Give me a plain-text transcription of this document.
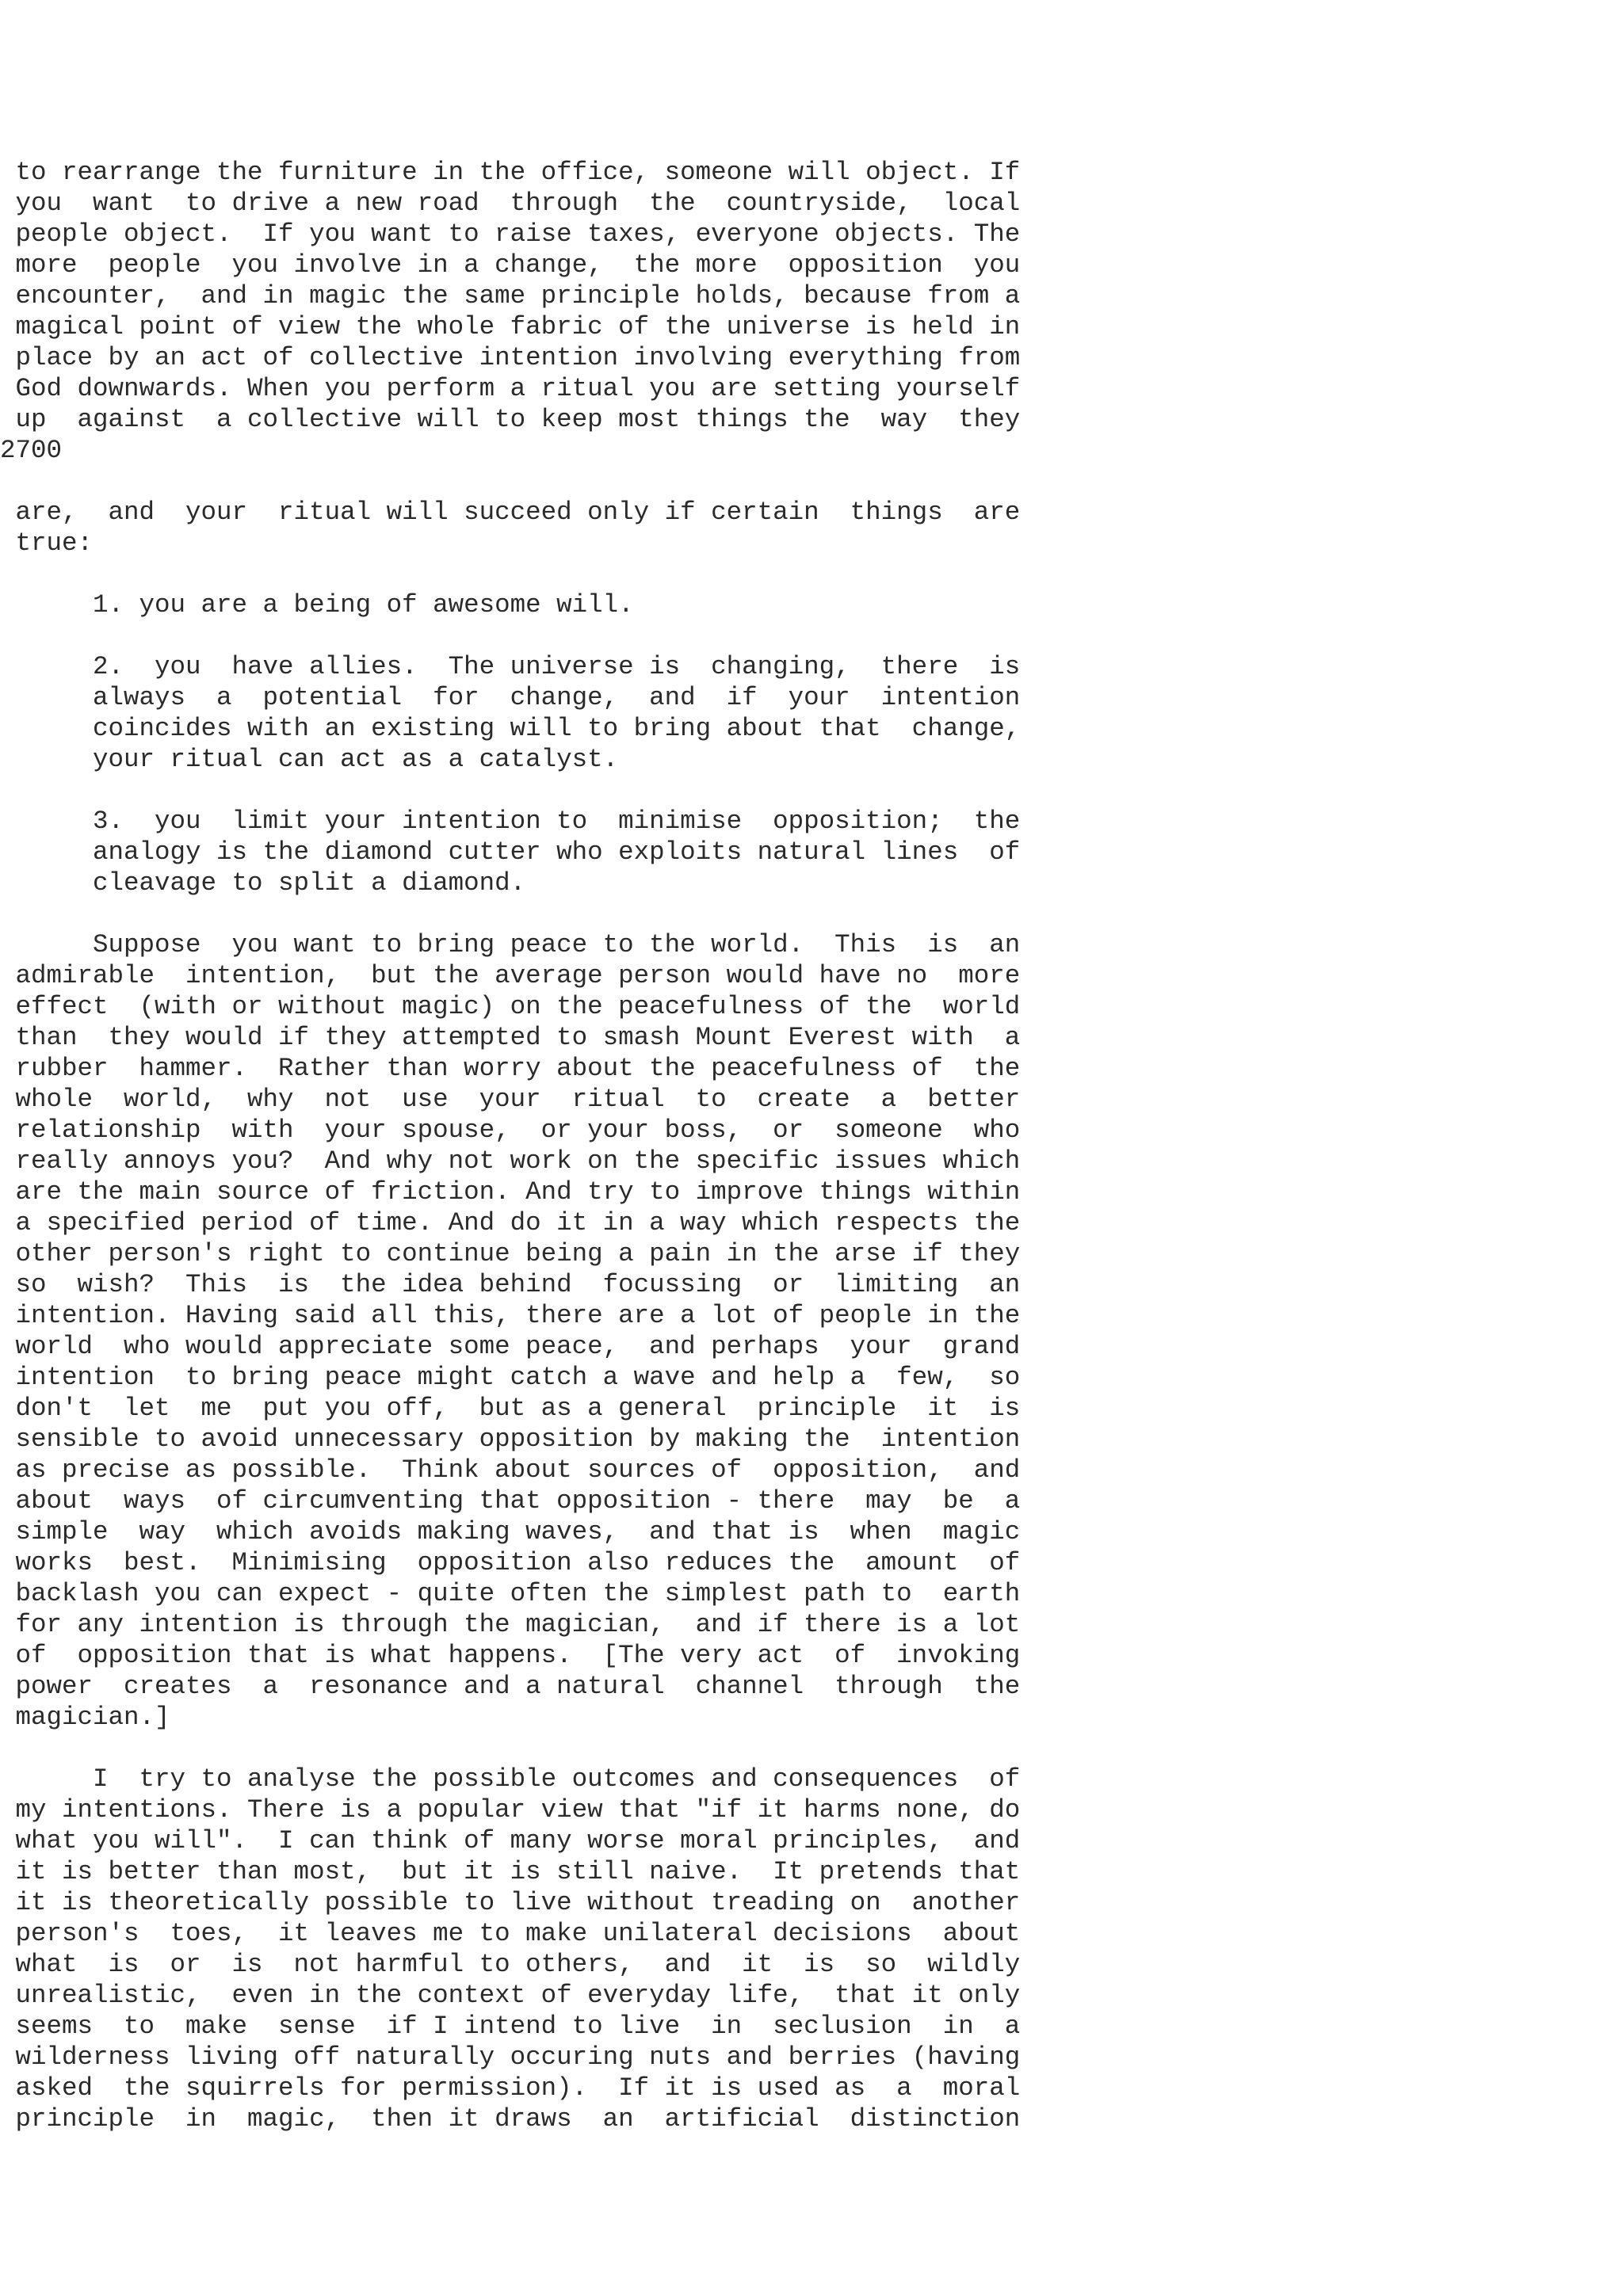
to rearrange the furniture in the office, someone will object. If
you  want  to drive a new road  through  the  countryside,  local
people object.  If you want to raise taxes, everyone objects. The
more  people  you involve in a change,  the more  opposition  you
encounter,  and in magic the same principle holds, because from a
magical point of view the whole fabric of the universe is held in
place by an act of collective intention involving everything from
God downwards. When you perform a ritual you are setting yourself
up  against  a collective will to keep most things the  way  they
2700
are,  and  your  ritual will succeed only if certain  things  are
true:
1. you are a being of awesome will.
2.  you  have allies.  The universe is  changing,  there  is
always  a  potential  for  change,  and  if  your  intention
coincides with an existing will to bring about that  change,
your ritual can act as a catalyst.
3.  you  limit your intention to  minimise  opposition;  the
analogy is the diamond cutter who exploits natural lines  of
cleavage to split a diamond.
Suppose  you want to bring peace to the world.  This  is  an
admirable  intention,  but the average person would have no  more
effect  (with or without magic) on the peacefulness of the  world
than  they would if they attempted to smash Mount Everest with  a
rubber  hammer.  Rather than worry about the peacefulness of  the
whole  world,  why  not  use  your  ritual  to  create  a  better
relationship  with  your spouse,  or your boss,  or  someone  who
really annoys you?  And why not work on the specific issues which
are the main source of friction. And try to improve things within
a specified period of time. And do it in a way which respects the
other person's right to continue being a pain in the arse if they
so  wish?  This  is  the idea behind  focussing  or  limiting  an
intention. Having said all this, there are a lot of people in the
world  who would appreciate some peace,  and perhaps  your  grand
intention  to bring peace might catch a wave and help a  few,  so
don't  let  me  put you off,  but as a general  principle  it  is
sensible to avoid unnecessary opposition by making the  intention
as precise as possible.  Think about sources of  opposition,  and
about  ways  of circumventing that opposition - there  may  be  a
simple  way  which avoids making waves,  and that is  when  magic
works  best.  Minimising  opposition also reduces the  amount  of
backlash you can expect - quite often the simplest path to  earth
for any intention is through the magician,  and if there is a lot
of  opposition that is what happens.  [The very act  of  invoking
power  creates  a  resonance and a natural  channel  through  the
magician.]
I  try to analyse the possible outcomes and consequences  of
my intentions. There is a popular view that "if it harms none, do
what you will".  I can think of many worse moral principles,  and
it is better than most,  but it is still naive.  It pretends that
it is theoretically possible to live without treading on  another
person's  toes,  it leaves me to make unilateral decisions  about
what  is  or  is  not harmful to others,  and  it  is  so  wildly
unrealistic,  even in the context of everyday life,  that it only
seems  to  make  sense  if I intend to live  in  seclusion  in  a
wilderness living off naturally occuring nuts and berries (having
asked  the squirrels for permission).  If it is used as  a  moral
principle  in  magic,  then it draws  an  artificial  distinction
